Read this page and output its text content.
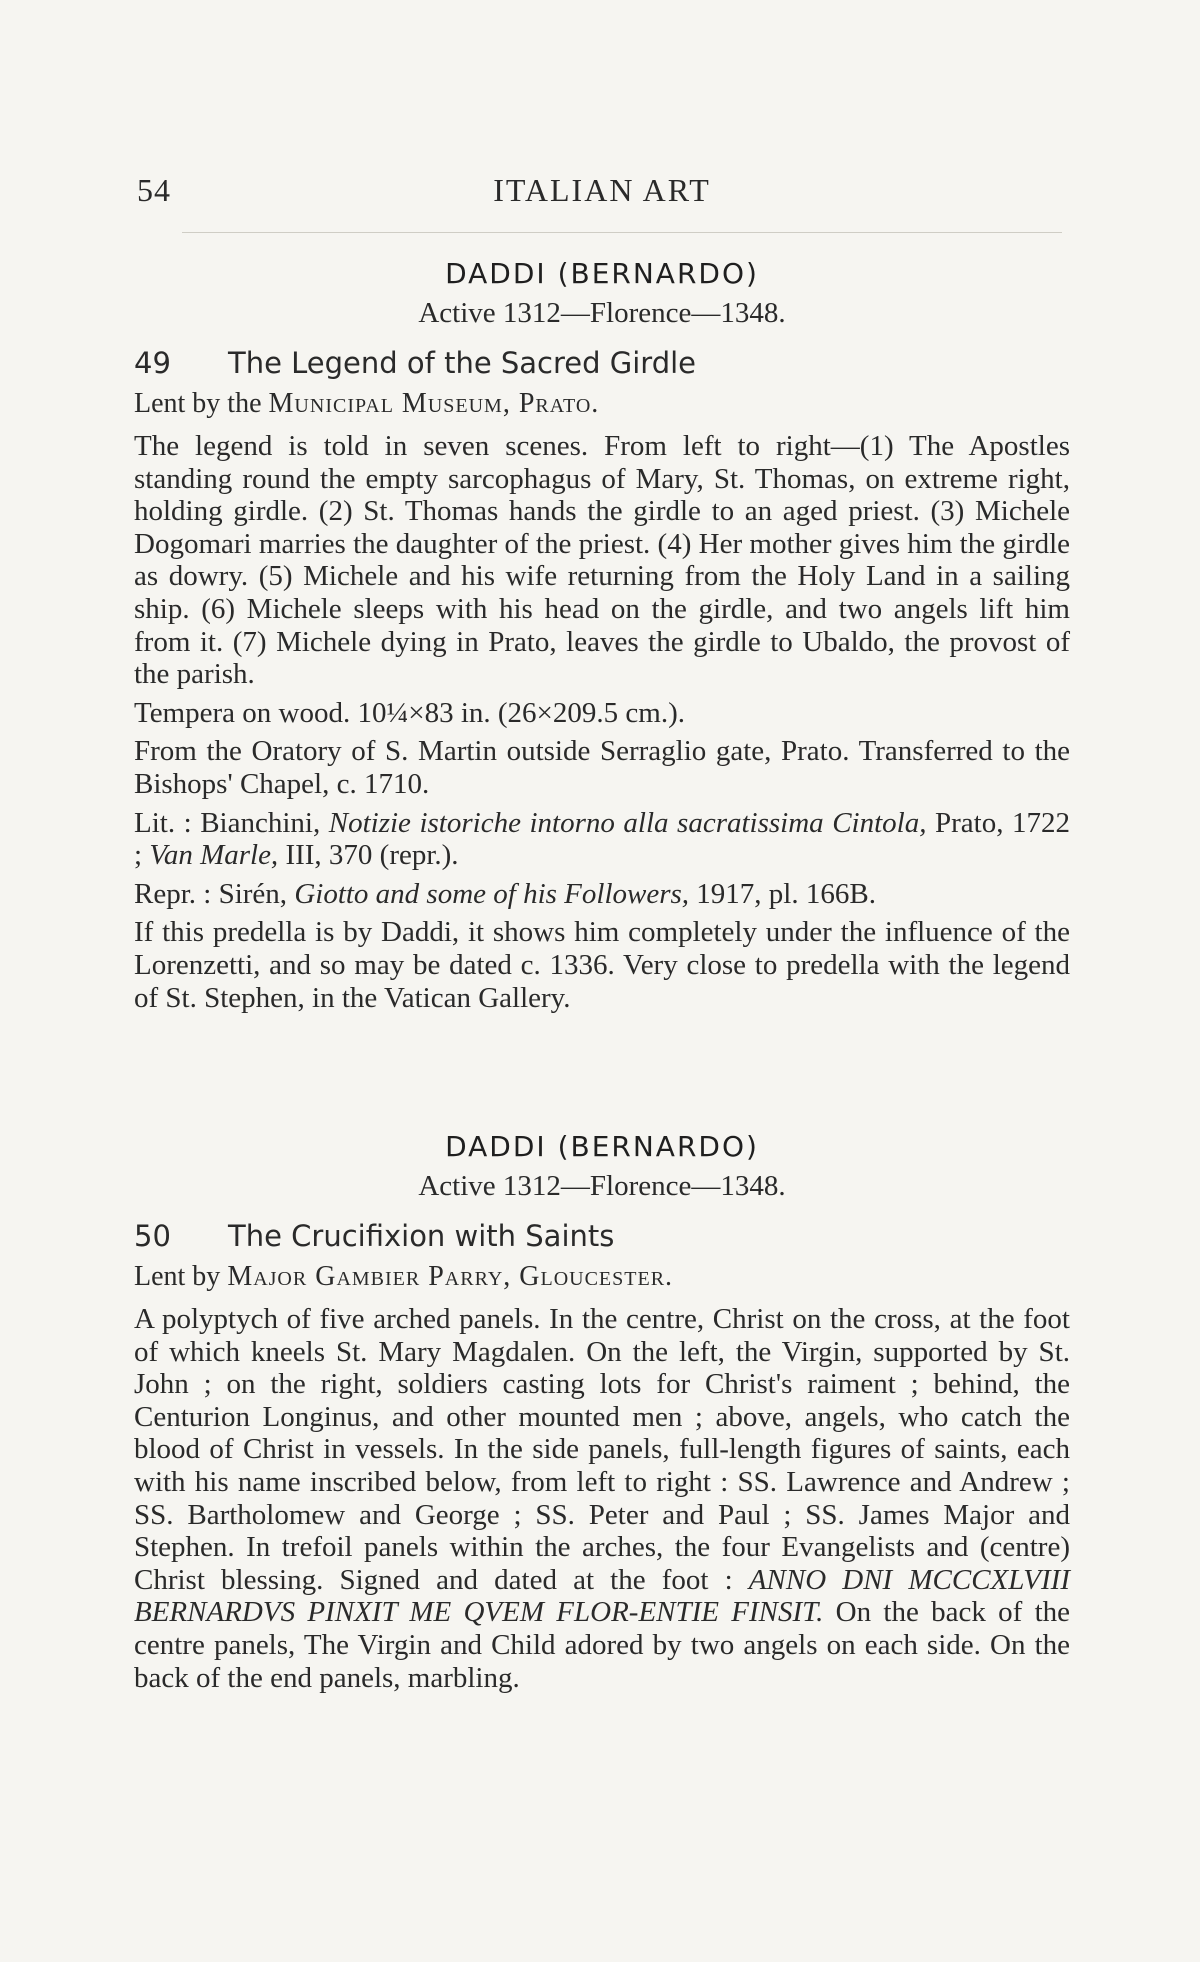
54	ITALIAN ART
DADDI (BERNARDO)
Active 1312—Florence—1348.
49 The Legend of the Sacred Girdle
Lent by the Municipal Museum, Prato.

The legend is told in seven scenes. From left to right—(1) The Apostles standing round the empty sarcophagus of Mary, St. Thomas, on extreme right, holding girdle. (2) St. Thomas hands the girdle to an aged priest. (3) Michele Dogomari marries the daughter of the priest. (4) Her mother gives him the girdle as dowry. (5) Michele and his wife returning from the Holy Land in a sailing ship. (6) Michele sleeps with his head on the girdle, and two angels lift him from it. (7) Michele dying in Prato, leaves the girdle to Ubaldo, the provost of the parish.

Tempera on wood. 10¼×83 in. (26×209.5 cm.).

From the Oratory of S. Martin outside Serraglio gate, Prato. Transferred to the Bishops' Chapel, c. 1710.

Lit. : Bianchini, Notizie istoriche intorno alla sacratissima Cintola, Prato, 1722 ; Van Marle, III, 370 (repr.).

Repr. : Sirén, Giotto and some of his Followers, 1917, pl. 166B.

If this predella is by Daddi, it shows him completely under the influence of the Lorenzetti, and so may be dated c. 1336. Very close to predella with the legend of St. Stephen, in the Vatican Gallery.

DADDI (BERNARDO)
Active 1312—Florence—1348.
50 The Crucifixion with Saints
Lent by Major Gambier Parry, Gloucester.

A polyptych of five arched panels. In the centre, Christ on the cross, at the foot of which kneels St. Mary Magdalen. On the left, the Virgin, supported by St. John ; on the right, soldiers casting lots for Christ's raiment ; behind, the Centurion Longinus, and other mounted men ; above, angels, who catch the blood of Christ in vessels. In the side panels, full-length figures of saints, each with his name inscribed below, from left to right : SS. Lawrence and Andrew ; SS. Bartholomew and George ; SS. Peter and Paul ; SS. James Major and Stephen. In trefoil panels within the arches, the four Evangelists and (centre) Christ blessing. Signed and dated at the foot : ANNO DNI MCCCXLVIII BERNARDVS PINXIT ME QVEM FLOR-ENTIE FINSIT. On the back of the centre panels, The Virgin and Child adored by two angels on each side. On the back of the end panels, marbling.
